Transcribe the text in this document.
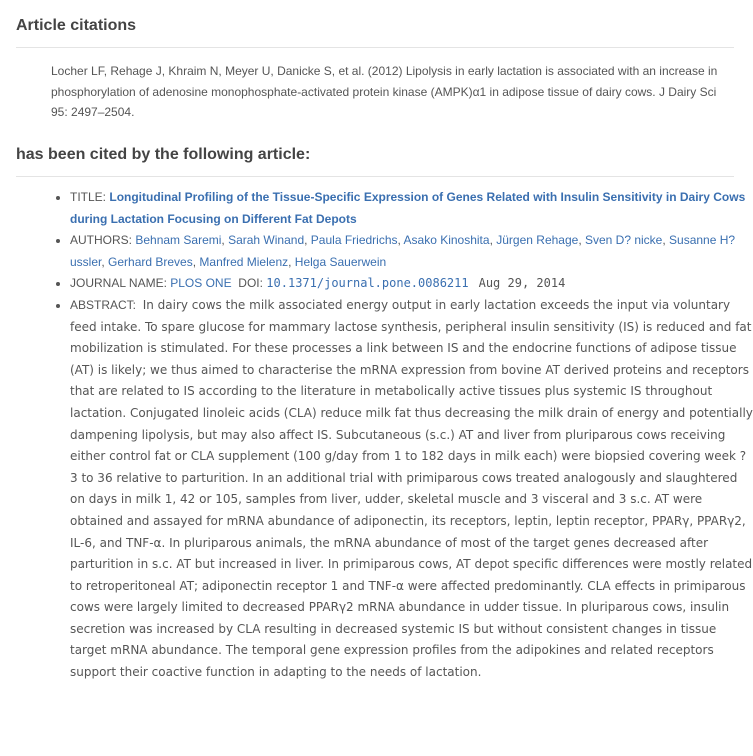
Article citations
Locher LF, Rehage J, Khraim N, Meyer U, Danicke S, et al. (2012) Lipolysis in early lactation is associated with an increase in phosphorylation of adenosine monophosphate-activated protein kinase (AMPK)α1 in adipose tissue of dairy cows. J Dairy Sci 95: 2497–2504.
has been cited by the following article:
• TITLE: Longitudinal Profiling of the Tissue-Specific Expression of Genes Related with Insulin Sensitivity in Dairy Cows during Lactation Focusing on Different Fat Depots
• AUTHORS: Behnam Saremi, Sarah Winand, Paula Friedrichs, Asako Kinoshita, Jürgen Rehage, Sven D? nicke, Susanne H? ussler, Gerhard Breves, Manfred Mielenz, Helga Sauerwein
• JOURNAL NAME: PLOS ONE DOI: 10.1371/journal.pone.0086211 Aug 29, 2014
• ABSTRACT: In dairy cows the milk associated energy output in early lactation exceeds the input via voluntary feed intake. To spare glucose for mammary lactose synthesis, peripheral insulin sensitivity (IS) is reduced and fat mobilization is stimulated. For these processes a link between IS and the endocrine functions of adipose tissue (AT) is likely; we thus aimed to characterise the mRNA expression from bovine AT derived proteins and receptors that are related to IS according to the literature in metabolically active tissues plus systemic IS throughout lactation. Conjugated linoleic acids (CLA) reduce milk fat thus decreasing the milk drain of energy and potentially dampening lipolysis, but may also affect IS. Subcutaneous (s.c.) AT and liver from pluriparous cows receiving either control fat or CLA supplement (100 g/day from 1 to 182 days in milk each) were biopsied covering week ? 3 to 36 relative to parturition. In an additional trial with primiparous cows treated analogously and slaughtered on days in milk 1, 42 or 105, samples from liver, udder, skeletal muscle and 3 visceral and 3 s.c. AT were obtained and assayed for mRNA abundance of adiponectin, its receptors, leptin, leptin receptor, PPARγ, PPARγ2, IL-6, and TNF-α. In pluriparous animals, the mRNA abundance of most of the target genes decreased after parturition in s.c. AT but increased in liver. In primiparous cows, AT depot specific differences were mostly related to retroperitoneal AT; adiponectin receptor 1 and TNF-α were affected predominantly. CLA effects in primiparous cows were largely limited to decreased PPARγ2 mRNA abundance in udder tissue. In pluriparous cows, insulin secretion was increased by CLA resulting in decreased systemic IS but without consistent changes in tissue target mRNA abundance. The temporal gene expression profiles from the adipokines and related receptors support their coactive function in adapting to the needs of lactation.
